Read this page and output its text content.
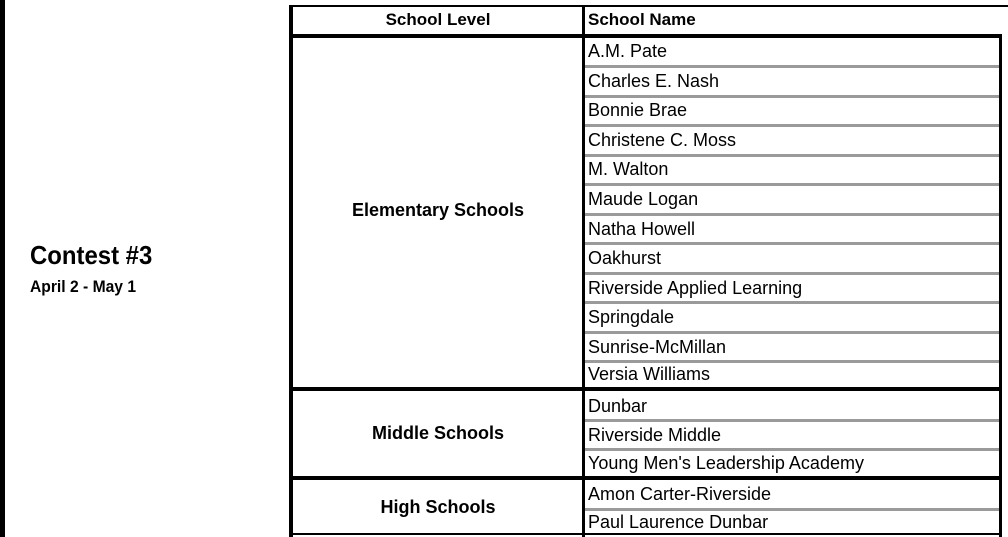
Contest #3
April 2 - May 1
School Level	School Name
Elementary Schools
Middle Schools
High Schools
A.M. Pate
Charles E. Nash
Bonnie Brae
Christene C. Moss
M. Walton
Maude Logan
Natha Howell
Oakhurst
Riverside Applied Learning
Springdale
Sunrise-McMillan
Versia Williams
Dunbar
Riverside Middle
Young Men's Leadership Academy
Amon Carter-Riverside
Paul Laurence Dunbar
